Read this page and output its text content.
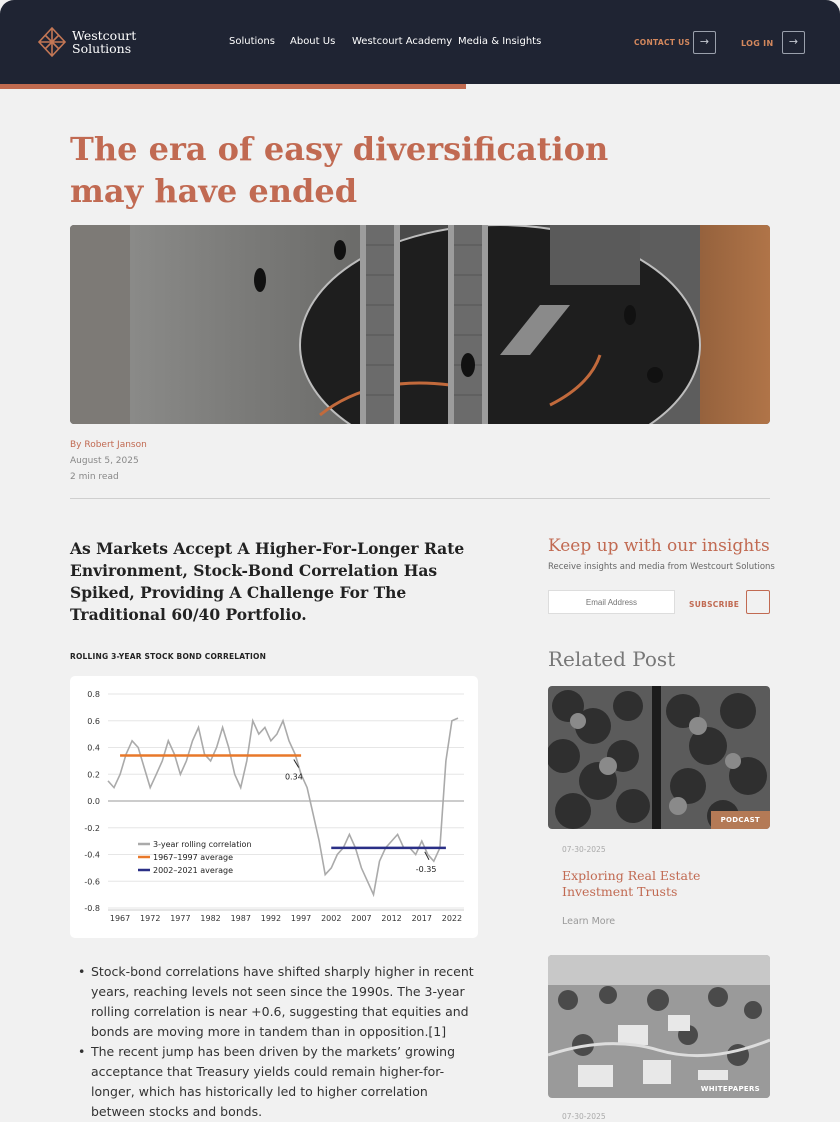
Westcourt
Solutions	Solutions About Us Westcourt Academy Media & Insights	CONTACT US →	LOG IN	→
The era of easy diversification
may have ended
By Robert Janson
August 5, 2025
2 min read
As Markets Accept A Higher-For-Longer Rate Environment, Stock-Bond Correlation Has Spiked, Providing A Challenge For The Traditional 60/40 Portfolio.
ROLLING 3-YEAR STOCK BOND CORRELATION
0.8
0.6
0.4
0.2
0.0
-0.2
-0.4
-0.6
-0.8
1967 1972 1977 1982 1987 1992 1997 2002 2007 2012 2017 2022
0.34
-0.35
3-year rolling correlation
1967–1997 average
2002–2021 average
• Stock-bond correlations have shifted sharply higher in recent years, reaching levels not seen since the 1990s. The 3-year rolling correlation is near +0.6, suggesting that equities and bonds are moving more in tandem than in opposition.[1]
• The recent jump has been driven by the markets’ growing acceptance that Treasury yields could remain higher-for-longer, which has historically led to higher correlation between stocks and bonds.
Keep up with our insights
Receive insights and media from Westcourt Solutions
Email Address
SUBSCRIBE
Related Post
PODCAST
07-30-2025
Exploring Real Estate Investment Trusts
Learn More
WHITEPAPERS
07-30-2025
